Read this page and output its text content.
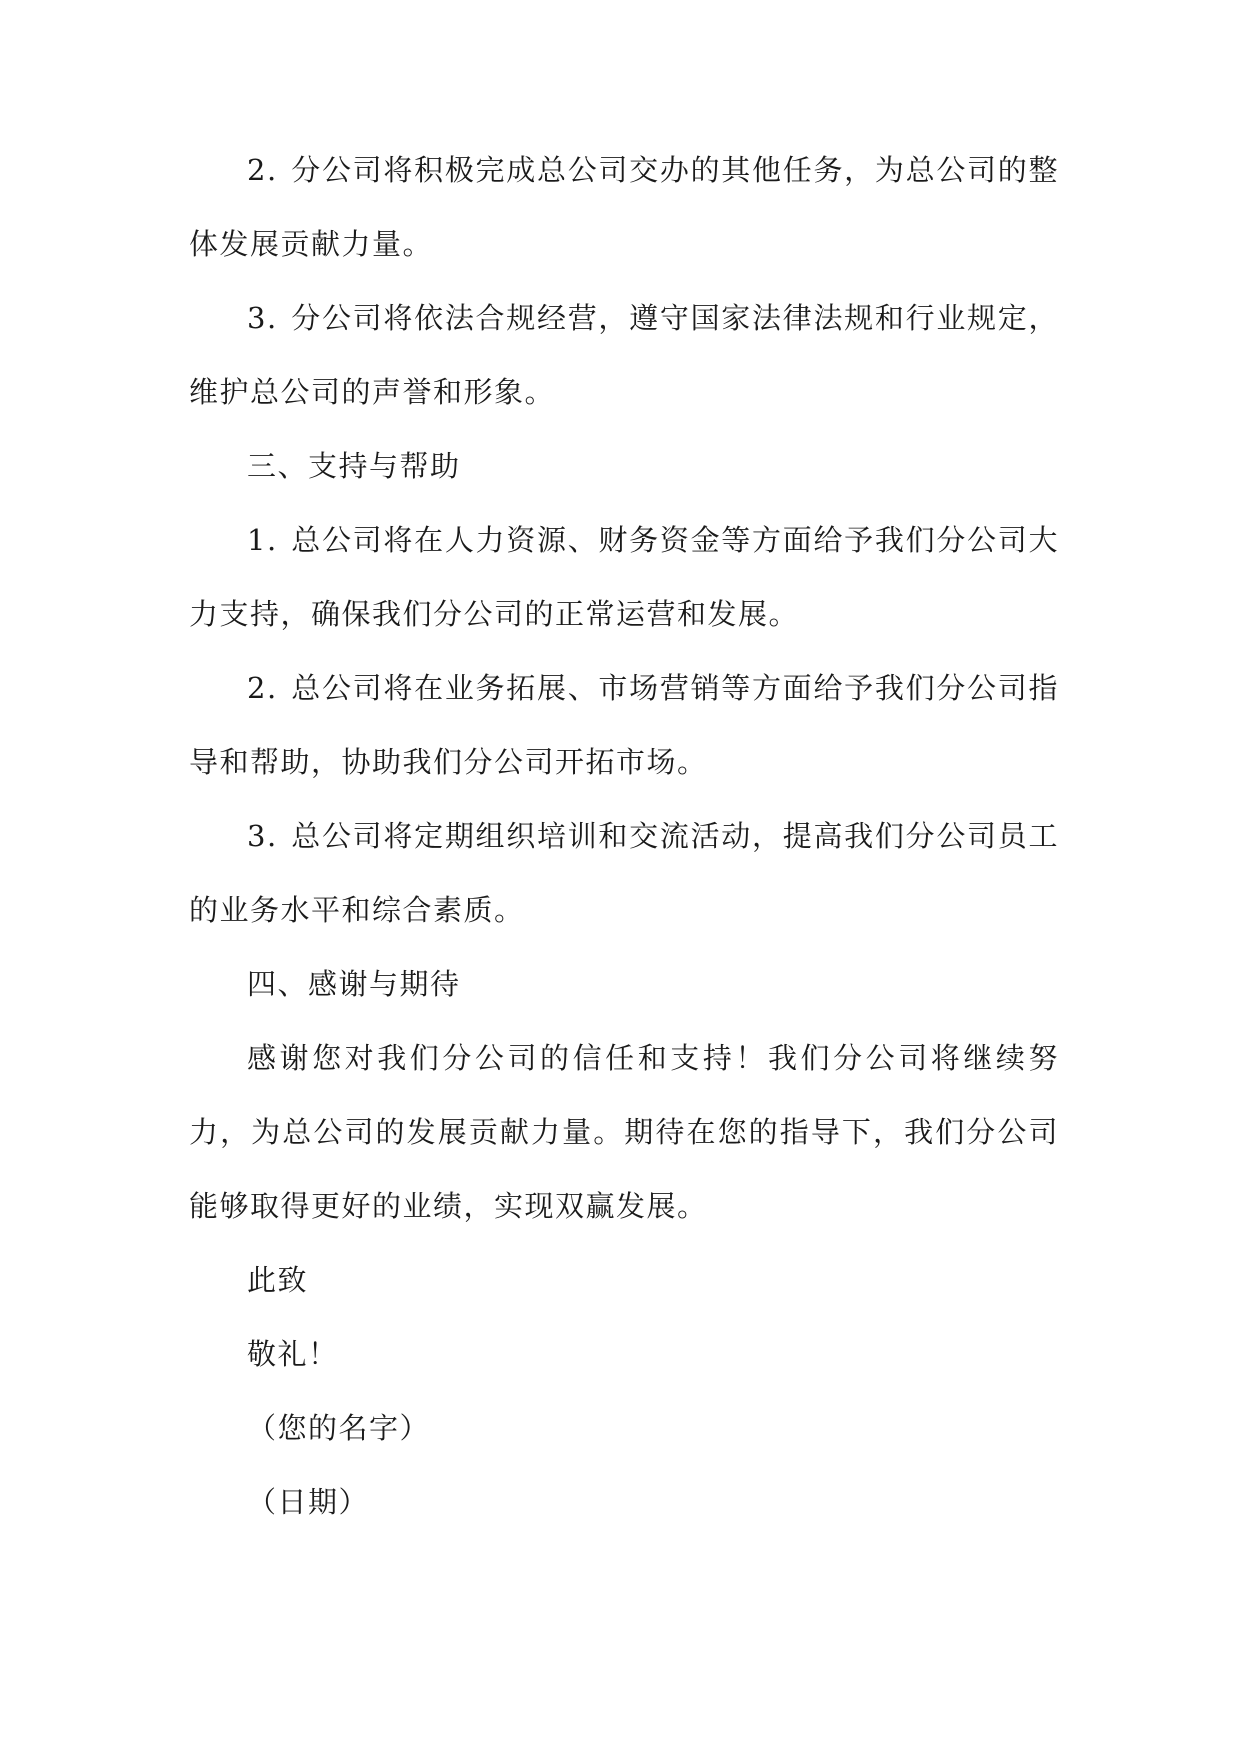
2. 分公司将积极完成总公司交办的其他任务，为总公司的整体发展贡献力量。

3. 分公司将依法合规经营，遵守国家法律法规和行业规定，维护总公司的声誉和形象。

三、支持与帮助

1. 总公司将在人力资源、财务资金等方面给予我们分公司大力支持，确保我们分公司的正常运营和发展。

2. 总公司将在业务拓展、市场营销等方面给予我们分公司指导和帮助，协助我们分公司开拓市场。

3. 总公司将定期组织培训和交流活动，提高我们分公司员工的业务水平和综合素质。

四、感谢与期待

感谢您对我们分公司的信任和支持！我们分公司将继续努力，为总公司的发展贡献力量。期待在您的指导下，我们分公司能够取得更好的业绩，实现双赢发展。

此致

敬礼！

（您的名字）

（日期）
